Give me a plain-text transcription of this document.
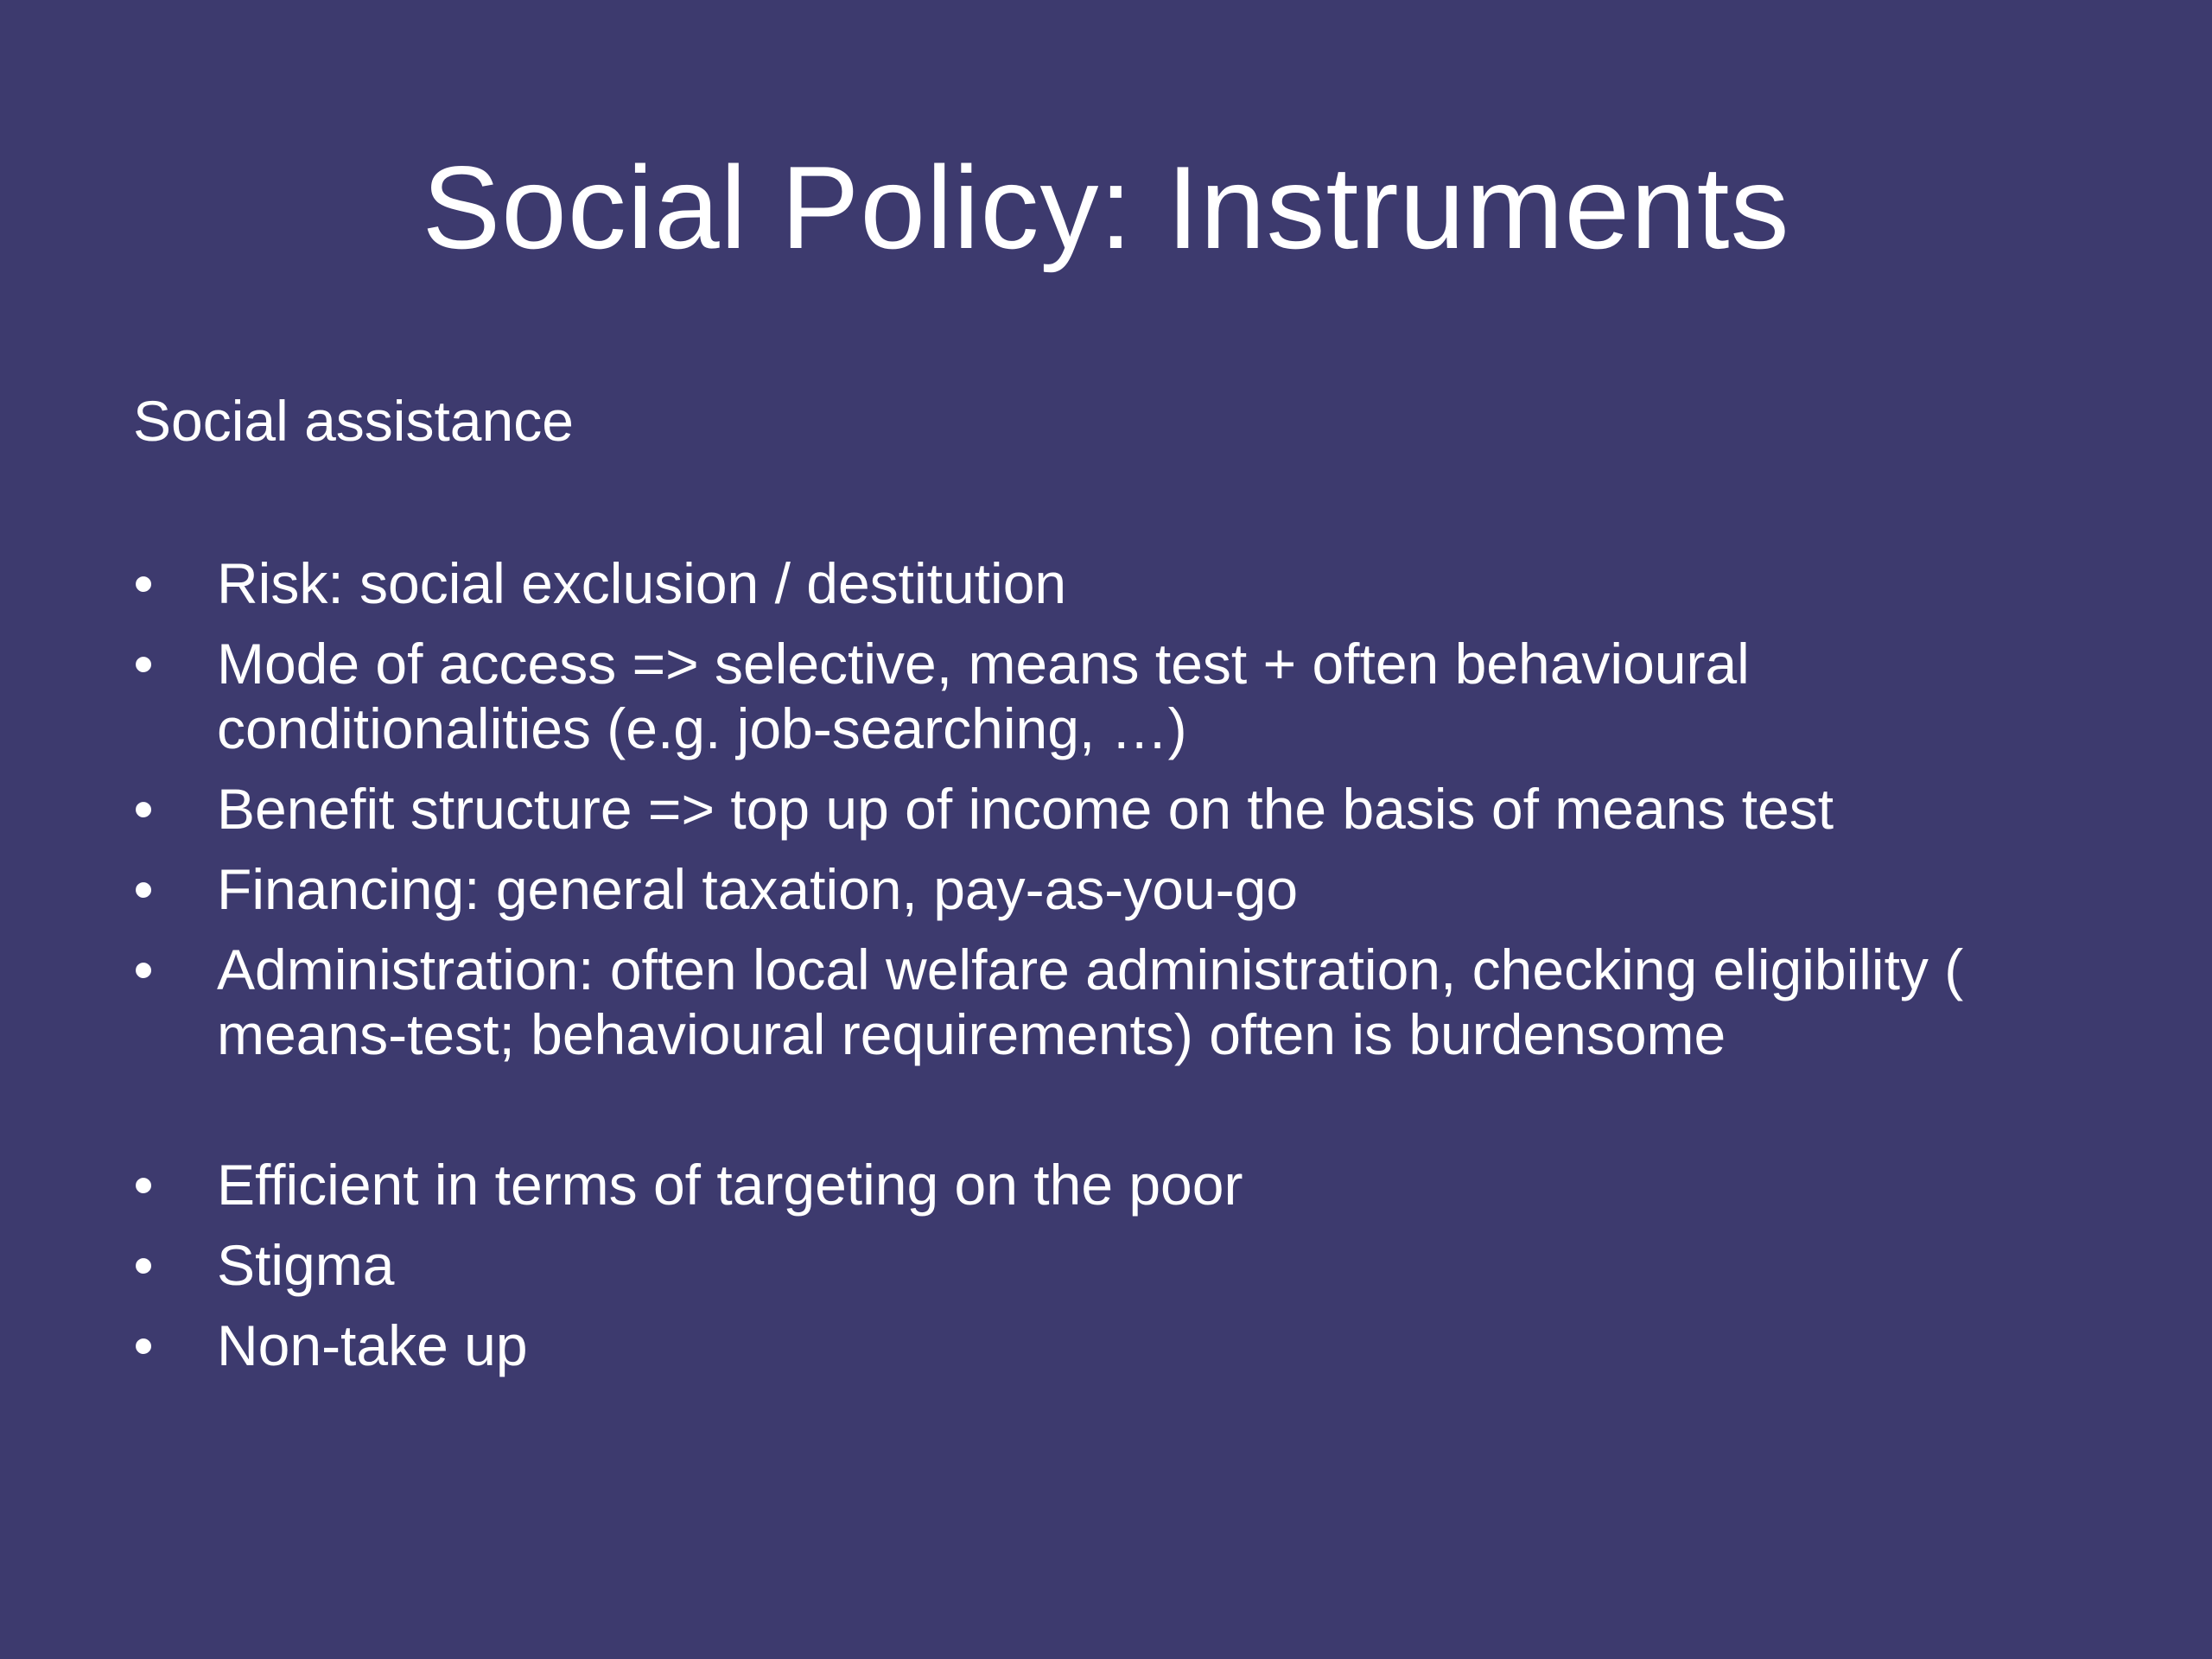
Social Policy: Instruments
Social assistance
• Risk: social exclusion / destitution
• Mode of access => selective, means test + often behavioural conditionalities (e.g. job-searching, …)
• Benefit structure => top up of income on the basis of means test
• Financing: general taxation, pay-as-you-go
• Administration: often local welfare administration, checking eligibility ( means-test; behavioural requirements) often is burdensome
• Efficient in terms of targeting on the poor
• Stigma
• Non-take up
